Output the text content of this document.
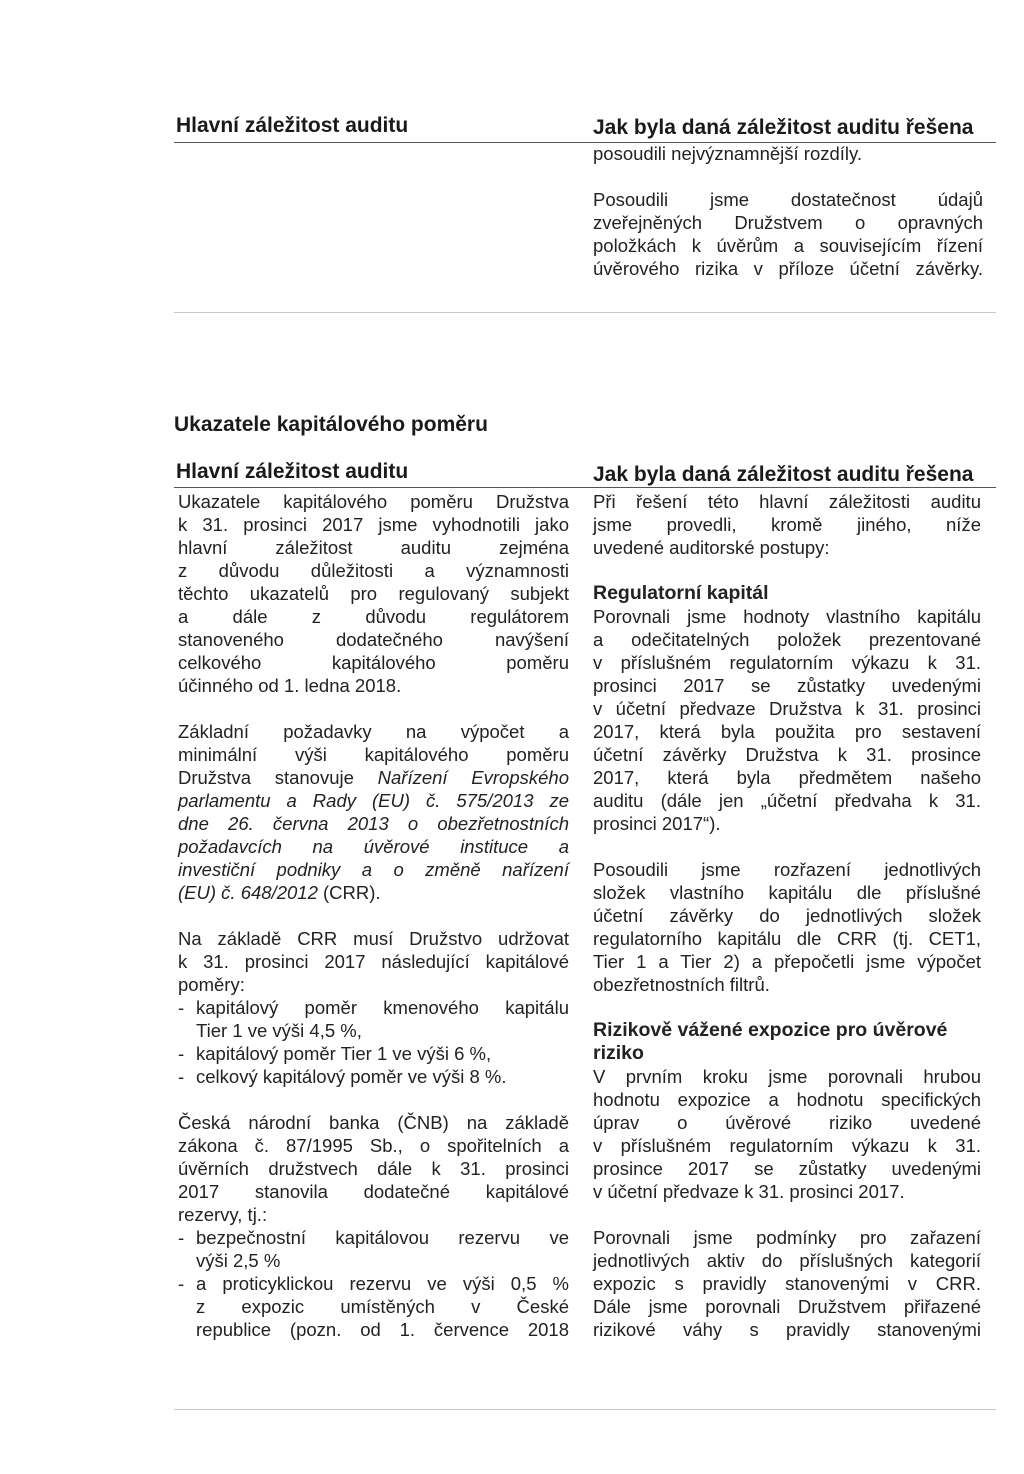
Hlavní záležitost auditu	Jak byla daná záležitost auditu řešena

posoudili nejvýznamnější rozdíly.

Posoudili jsme dostatečnost údajů

zveřejněných Družstvem o opravných

položkách k úvěrům a souvisejícím řízení

úvěrového rizika v příloze účetní závěrky.

Ukazatele kapitálového poměru
Hlavní záležitost auditu	Jak byla daná záležitost auditu řešena

Ukazatele kapitálového poměru Družstva

k 31. prosinci 2017 jsme vyhodnotili jako

hlavní záležitost auditu zejména

z důvodu důležitosti a významnosti

těchto ukazatelů pro regulovaný subjekt

a dále z důvodu regulátorem

stanoveného dodatečného navýšení

celkového kapitálového poměru

účinného od 1. ledna 2018.

Základní požadavky na výpočet a

minimální výši kapitálového poměru

Družstva stanovuje Nařízení Evropského

parlamentu a Rady (EU) č. 575/2013 ze

dne 26. června 2013 o obezřetnostních

požadavcích na úvěrové instituce a

investiční podniky a o změně nařízení

(EU) č. 648/2012 (CRR).

Na základě CRR musí Družstvo udržovat

k 31. prosinci 2017 následující kapitálové

poměry:

- kapitálový poměr kmenového kapitálu

Tier 1 ve výši 4,5 %,

- kapitálový poměr Tier 1 ve výši 6 %,

- celkový kapitálový poměr ve výši 8 %.

Česká národní banka (ČNB) na základě

zákona č. 87/1995 Sb., o spořitelních a

úvěrních družstvech dále k 31. prosinci

2017 stanovila dodatečné kapitálové

rezervy, tj.:

- bezpečnostní kapitálovou rezervu ve

výši 2,5 %

- a proticyklickou rezervu ve výši 0,5 %

z expozic umístěných v České

republice (pozn. od 1. července 2018

Při řešení této hlavní záležitosti auditu

jsme provedli, kromě jiného, níže

uvedené auditorské postupy:

Regulatorní kapitál

Porovnali jsme hodnoty vlastního kapitálu

a odečitatelných položek prezentované

v příslušném regulatorním výkazu k 31.

prosinci 2017 se zůstatky uvedenými

v účetní předvaze Družstva k 31. prosinci

2017, která byla použita pro sestavení

účetní závěrky Družstva k 31. prosince

2017, která byla předmětem našeho

auditu (dále jen „účetní předvaha k 31.

prosinci 2017“).

Posoudili jsme rozřazení jednotlivých

složek vlastního kapitálu dle příslušné

účetní závěrky do jednotlivých složek

regulatorního kapitálu dle CRR (tj. CET1,

Tier 1 a Tier 2) a přepočetli jsme výpočet

obezřetnostních filtrů.

Rizikově vážené expozice pro úvěrové

riziko

V prvním kroku jsme porovnali hrubou

hodnotu expozice a hodnotu specifických

úprav o úvěrové riziko uvedené

v příslušném regulatorním výkazu k 31.

prosince 2017 se zůstatky uvedenými

v účetní předvaze k 31. prosinci 2017.

Porovnali jsme podmínky pro zařazení

jednotlivých aktiv do příslušných kategorií

expozic s pravidly stanovenými v CRR.

Dále jsme porovnali Družstvem přiřazené

rizikové váhy s pravidly stanovenými
